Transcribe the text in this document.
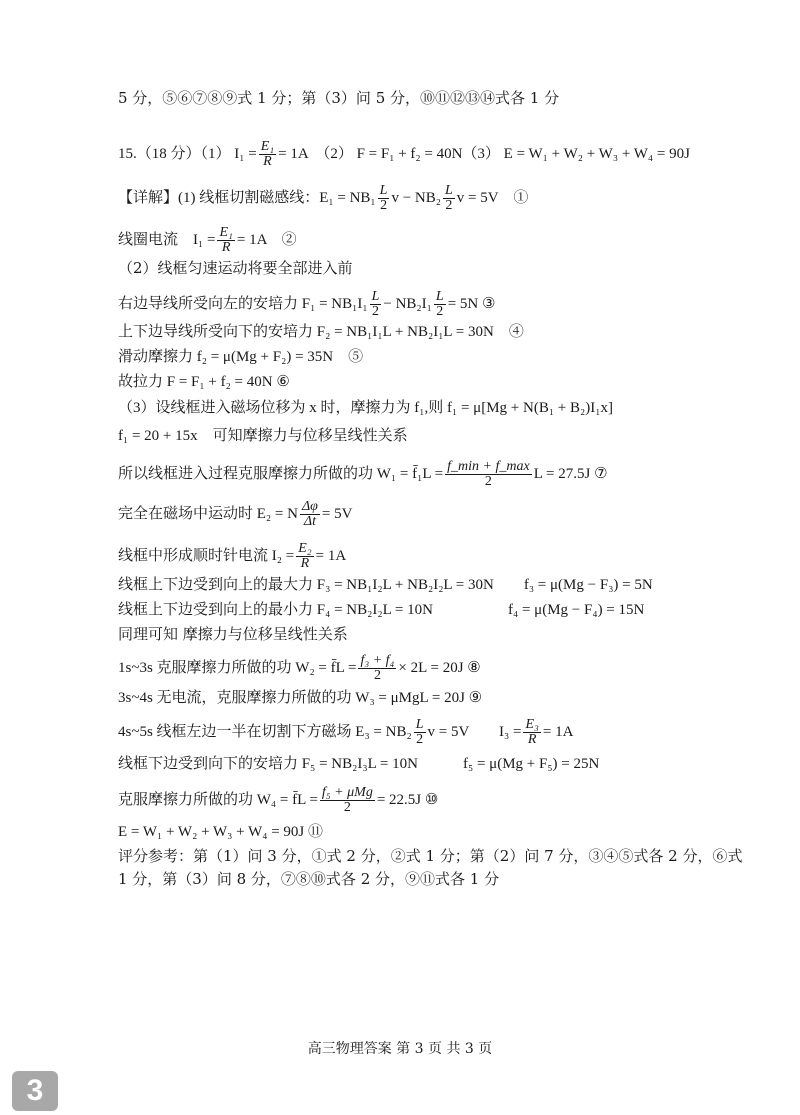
5 分，⑤⑥⑦⑧⑨式 1 分；第（3）问 5 分，⑩⑪⑫⑬⑭式各 1 分
15.（18 分）（1） $I_1 = \frac{\text{E₁}}{R} = 1A$　（2） F = F₁ + f₂ = 40N（3） E = W₁ + W₂ + W₃ + W₄ = 90J
【详解】(1) 线框切割磁感线：$E_1 = NB_1 \frac{L}{2}$ $v - NB_2 \frac{L}{2}$ v = 5V　①
线圈电流　$I_1 = \frac{\text{E₁}}{R} = 1A$　②
（2）线框匀速运动将要全部进入前
右边导线所受向左的安培力 $F_1 = NB_1I_1 \frac{L}{2} - NB_2I_1 \frac{L}{2} = 5N$ ③
上下边导线所受向下的安培力 F₂ = NB₁I₁L + NB₂I₁L = 30N　④
滑动摩擦力 f₂ = μ(Mg + F₂) = 35N　⑤
故拉力 F = F₁ + f₂ = 40N ⑥
（3）设线框进入磁场位移为 x 时，摩擦力为 f₁,则 f₁ = μ[Mg + N(B₁ + B₂)I₁x]
f₁ = 20 + 15x　可知摩擦力与位移呈线性关系
所以线框进入过程克服摩擦力所做的功 W₁ = f̄₁L = $\frac{f\_\min + f\_\max}{2}$ L = 27.5J ⑦
完全在磁场中运动时 E₂ = N $\frac{\Delta\varphi}{\Delta t} = 5V$
线框中形成顺时针电流 $I_2 = \frac{\text{E₂}}{R} = 1A$
线框上下边受到向上的最大力 F₃ = NB₁I₂L + NB₂I₂L = 30N　　f₃ = μ(Mg − F₃) = 5N
线框上下边受到向上的最小力 F₄ = NB₂I₂L = 10N　　　　　f₄ = μ(Mg − F₄) = 15N
同理可知 摩擦力与位移呈线性关系
1s~3s 克服摩擦力所做的功 W₂ = f̄L = $\frac{\text{f₃ + f₄}}{2} \times 2L = 20J$ ⑧
3s~4s 无电流，克服摩擦力所做的功 W₃ = μMgL = 20J ⑨
4s~5s 线框左边一半在切割下方磁场 $E_3 = NB_2 \frac{L}{2}$ v = 5V　　$I_3 = \frac{\text{E₃}}{R} = 1A$
线框下边受到向下的安培力 F₅ = NB₂I₃L = 10N　　　f₅ = μ(Mg + F₅) = 25N
克服摩擦力所做的功 W₄ = f̄L = $\frac{\text{f₅ + μMg}}{2} = 22.5J$ ⑩
E = W₁ + W₂ + W₃ + W₄ = 90J ⑪
评分参考：第（1）问 3 分，①式 2 分，②式 1 分；第（2）问 7 分，③④⑤式各 2 分，⑥式
1 分，第（3）问 8 分，⑦⑧⑩式各 2 分，⑨⑪式各 1 分
高三物理答案 第 3 页 共 3 页
3
